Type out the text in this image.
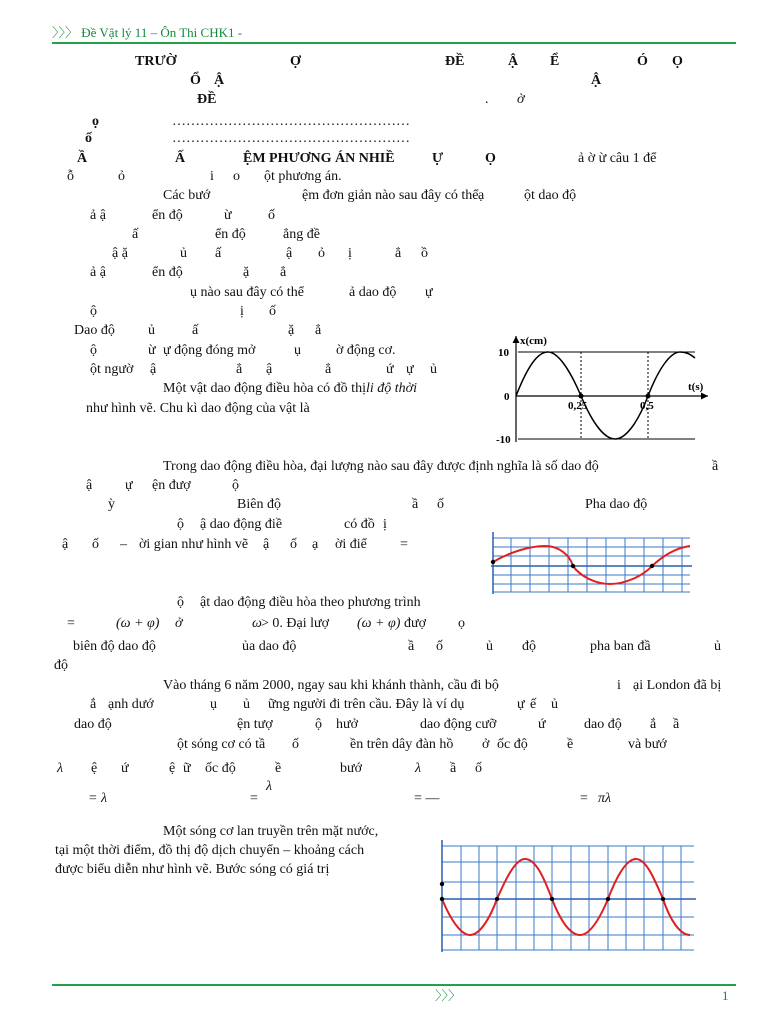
〉〉〉 Đề Vật lý 11 – Ôn Thi CHK1 -
TRƯỜ	Ợ	ĐỀ	Ậ Ể	Ó Ọ
Ổ Ậ	Ậ
ĐỀ	. ờ
ọ	……………………………………………
ố	……………………………………………
Ầ	Ấ	ỆM PHƯƠNG ÁN NHIỀ	Ự	Ọ	ả ờ ừ câu 1 để
ỗ	ỏ	i o ột phương án.
Các bướ	ệm đơn giản nào sau đây có thể ạ	ột dao độ
ả ậ	ển độ	ừ	ố
ấ	ển độ	ẳng đề
ậ ặ	ủ ấ	ậ ỏ ị	ẳ ồ
ả ậ	ển độ	ặ ẳ
ụ nào sau đây có thể	ả dao độ ự
ộ	ị ố
Dao độ ủ	ấ	ặ ẳ
ộ	ừ ự động đóng mở	ụ	ờ động cơ.
ột ngườ ậ	ẳ ậ	ẳ	ứ ự ủ
Một vật dao động điều hòa có đồ thị li độ thời
như hình vẽ. Chu kì dao động của vật là
Trong dao động điều hòa, đại lượng nào sau đây được định nghĩa là số dao độ	ầ
ậ ự ện đượ	ộ
ỳ	Biên độ	ầ ố	Pha dao độ
ộ ậ dao động điề	có đồ ị
ậ ố – ời gian như hình vẽ ậ ố ạ ời điể =
ộ ật dao động điều hòa theo phương trình
=	(ω + φ) ở	ω > 0. Đại lượ (ω + φ) đượ ọ
biên độ dao độ	ủa dao độ	ầ ố	ủ độ	pha ban đầ	ủ
độ
Vào tháng 6 năm 2000, ngay sau khi khánh thành, cầu đi bộ	i ại London đã bị
ắ ạnh dướ	ụ ủ ững người đi trên cầu. Đây là ví dụ	ự ế ủ
dao độ	ện tượ	ộ hưở	dao động cưỡ	ứ	dao độ ắ ầ
ột sóng cơ có tầ ố	ền trên dây đàn hồ ở ốc độ	ề	và bướ
λ ệ ứ	ệ ữ ốc độ	ề	bướ	λ ầ ố
= λ	=
λ
= —	= πλ
Một sóng cơ lan truyền trên mặt nước,
tại một thời điểm, đồ thị độ dịch chuyển – khoảng cách
được biểu diễn như hình vẽ. Bước sóng có giá trị
x(cm)
t(s)
10
0
-10
0,25	0,5
〉〉〉	1
